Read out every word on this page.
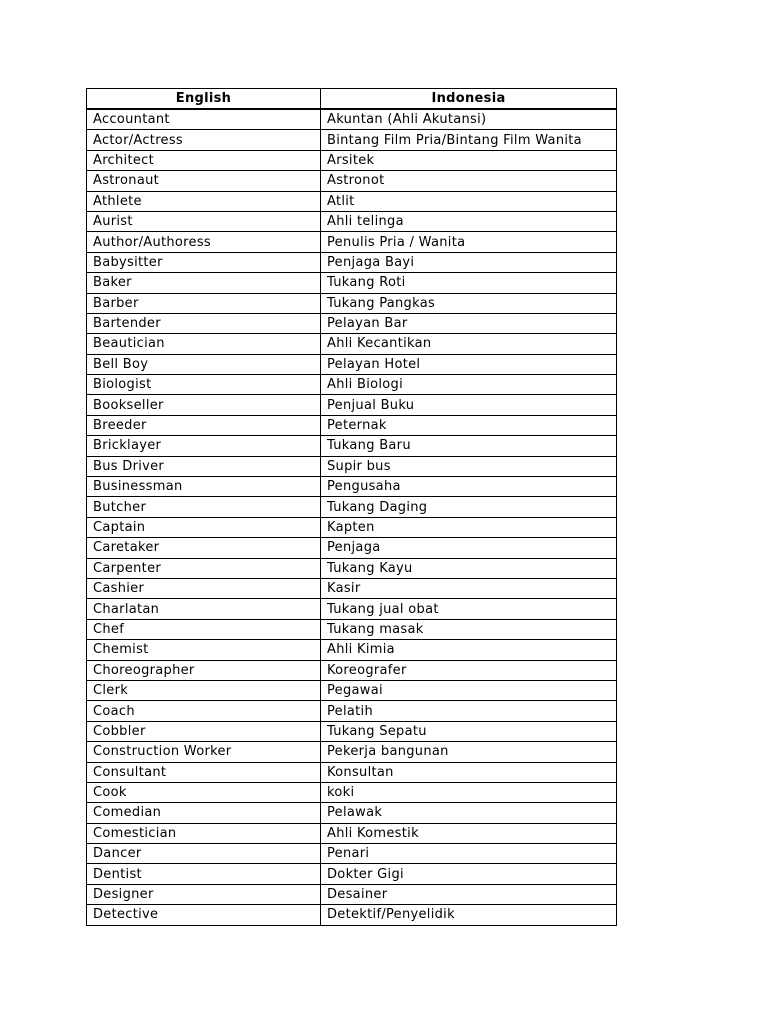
English	Indonesia
Accountant	Akuntan (Ahli Akutansi)
Actor/Actress	Bintang Film Pria/Bintang Film Wanita
Architect	Arsitek
Astronaut	Astronot
Athlete	Atlit
Aurist	Ahli telinga
Author/Authoress	Penulis Pria / Wanita
Babysitter	Penjaga Bayi
Baker	Tukang Roti
Barber	Tukang Pangkas
Bartender	Pelayan Bar
Beautician	Ahli Kecantikan
Bell Boy	Pelayan Hotel
Biologist	Ahli Biologi
Bookseller	Penjual Buku
Breeder	Peternak
Bricklayer	Tukang Baru
Bus Driver	Supir bus
Businessman	Pengusaha
Butcher	Tukang Daging
Captain	Kapten
Caretaker	Penjaga
Carpenter	Tukang Kayu
Cashier	Kasir
Charlatan	Tukang jual obat
Chef	Tukang masak
Chemist	Ahli Kimia
Choreographer	Koreografer
Clerk	Pegawai
Coach	Pelatih
Cobbler	Tukang Sepatu
Construction Worker	Pekerja bangunan
Consultant	Konsultan
Cook	koki
Comedian	Pelawak
Comestician	Ahli Komestik
Dancer	Penari
Dentist	Dokter Gigi
Designer	Desainer
Detective	Detektif/Penyelidik
